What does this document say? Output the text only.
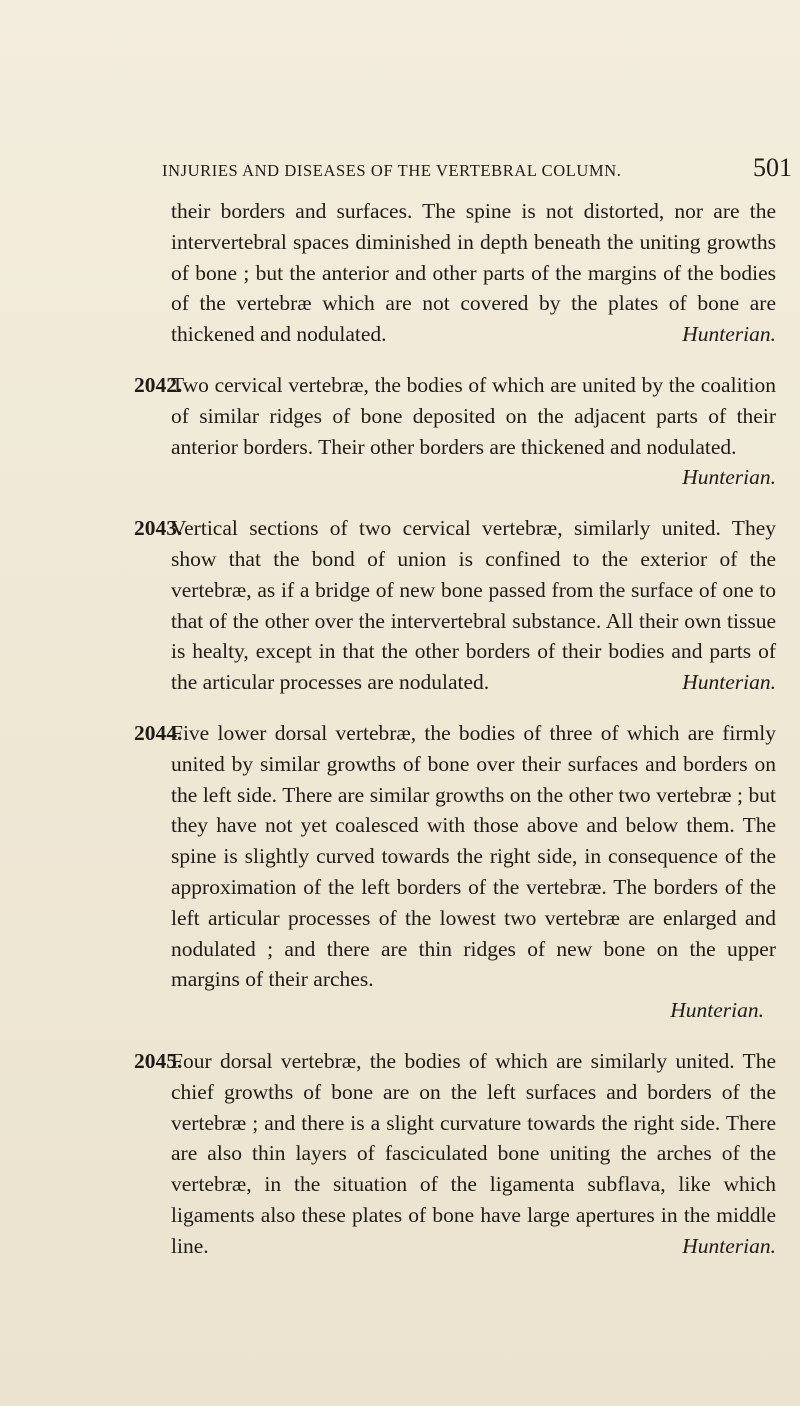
INJURIES AND DISEASES OF THE VERTEBRAL COLUMN.	501

their borders and surfaces. The spine is not distorted, nor are the intervertebral spaces diminished in depth beneath the uniting growths of bone ; but the anterior and other parts of the margins of the bodies of the vertebræ which are not covered by the plates of bone are thickened and nodulated.	Hunterian.

2042.
Two cervical vertebræ, the bodies of which are united by the coalition of similar ridges of bone deposited on the adjacent parts of their anterior borders. Their other borders are thickened and nodulated.
Hunterian.
2043.
Vertical sections of two cervical vertebræ, similarly united. They show that the bond of union is confined to the exterior of the vertebræ, as if a bridge of new bone passed from the surface of one to that of the other over the intervertebral substance. All their own tissue is healty, except in that the other borders of their bodies and parts of the articular processes are nodulated.	Hunterian.
2044.
Five lower dorsal vertebræ, the bodies of three of which are firmly united by similar growths of bone over their surfaces and borders on the left side. There are similar growths on the other two vertebræ ; but they have not yet coalesced with those above and below them. The spine is slightly curved towards the right side, in consequence of the approximation of the left borders of the vertebræ. The borders of the left articular processes of the lowest two vertebræ are enlarged and nodulated ; and there are thin ridges of new bone on the upper margins of their arches.
Hunterian.
2045.
Four dorsal vertebræ, the bodies of which are similarly united. The chief growths of bone are on the left surfaces and borders of the vertebræ ; and there is a slight curvature towards the right side. There are also thin layers of fasciculated bone uniting the arches of the vertebræ, in the situation of the ligamenta subflava, like which ligaments also these plates of bone have large apertures in the middle line.	Hunterian.
